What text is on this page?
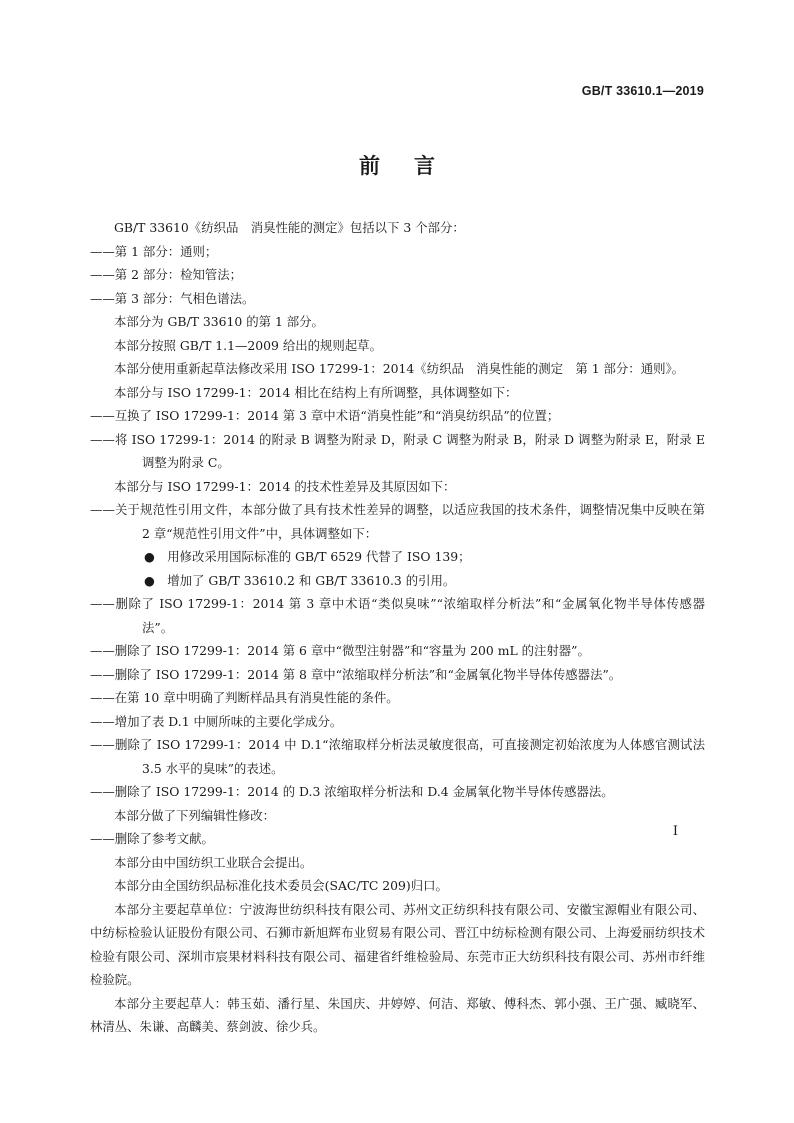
GB/T 33610.1—2019
前言

GB/T 33610《纺织品　消臭性能的测定》包括以下 3 个部分：

——第 1 部分：通则；

——第 2 部分：检知管法；

——第 3 部分：气相色谱法。

本部分为 GB/T 33610 的第 1 部分。

本部分按照 GB/T 1.1—2009 给出的规则起草。

本部分使用重新起草法修改采用 ISO 17299-1：2014《纺织品　消臭性能的测定　第 1 部分：通则》。

本部分与 ISO 17299-1：2014 相比在结构上有所调整，具体调整如下：

——互换了 ISO 17299-1：2014 第 3 章中术语“消臭性能”和“消臭纺织品”的位置；

——将 ISO 17299-1：2014 的附录 B 调整为附录 D，附录 C 调整为附录 B，附录 D 调整为附录 E，附录 E 调整为附录 C。

本部分与 ISO 17299-1：2014 的技术性差异及其原因如下：

——关于规范性引用文件，本部分做了具有技术性差异的调整，以适应我国的技术条件，调整情况集中反映在第 2 章“规范性引用文件”中，具体调整如下：

●　用修改采用国际标准的 GB/T 6529 代替了 ISO 139；

●　增加了 GB/T 33610.2 和 GB/T 33610.3 的引用。

——删除了 ISO 17299-1：2014 第 3 章中术语“类似臭味”“浓缩取样分析法”和“金属氧化物半导体传感器法”。

——删除了 ISO 17299-1：2014 第 6 章中“微型注射器”和“容量为 200 mL 的注射器”。

——删除了 ISO 17299-1：2014 第 8 章中“浓缩取样分析法”和“金属氧化物半导体传感器法”。

——在第 10 章中明确了判断样品具有消臭性能的条件。

——增加了表 D.1 中厕所味的主要化学成分。

——删除了 ISO 17299-1：2014 中 D.1“浓缩取样分析法灵敏度很高，可直接测定初始浓度为人体感官测试法 3.5 水平的臭味”的表述。

——删除了 ISO 17299-1：2014 的 D.3 浓缩取样分析法和 D.4 金属氧化物半导体传感器法。

本部分做了下列编辑性修改：

——删除了参考文献。

本部分由中国纺织工业联合会提出。

本部分由全国纺织品标准化技术委员会(SAC/TC 209)归口。

本部分主要起草单位：宁波海世纺织科技有限公司、苏州文正纺织科技有限公司、安徽宝源帽业有限公司、中纺标检验认证股份有限公司、石狮市新旭辉布业贸易有限公司、晋江中纺标检测有限公司、上海爱丽纺织技术检验有限公司、深圳市宸果材料科技有限公司、福建省纤维检验局、东莞市正大纺织科技有限公司、苏州市纤维检验院。

本部分主要起草人：韩玉茹、潘行星、朱国庆、井婷婷、何洁、郑敏、傅科杰、郭小强、王广强、臧晓军、林清丛、朱谦、高麟美、蔡剑波、徐少兵。

I
